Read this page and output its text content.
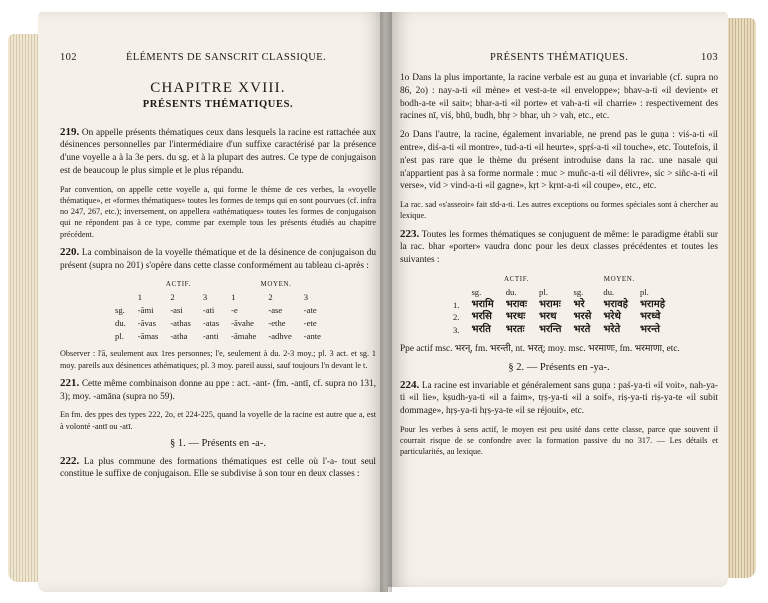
102	ÉLÉMENTS DE SANSCRIT CLASSIQUE.
CHAPITRE XVIII.
PRÉSENTS THÉMATIQUES.

219. On appelle présents thématiques ceux dans lesquels la racine est rattachée aux désinences personnelles par l'intermédiaire d'un suffixe caractérisé par la présence d'une voyelle a à la 3e pers. du sg. et à la plupart des autres. Ce type de conjugaison est de beaucoup le plus simple et le plus répandu.

Par convention, on appelle cette voyelle a, qui forme le thème de ces verbes, la «voyelle thématique», et «formes thématiques» toutes les formes de temps qui en sont pourvues (cf. infra no 247, 267, etc.); inversement, on appellera «athématiques» toutes les formes de conjugaison qui ne répondent pas à ce type, comme par exemple tous les présents étudiés au chapitre précédent.

220. La combinaison de la voyelle thématique et de la désinence de conjugaison du présent (supra no 201) s'opère dans cette classe conformément au tableau ci-après :

	ACTIF.			MOYEN.		
	1	2	3	1	2	3
sg.	-āmi	-asi	-ati	-e	-ase	-ate
du.	-āvas	-athas	-atas	-āvahe	-ethe	-ete
pl.	-āmas	-atha	-anti	-āmahe	-adhve	-ante

Observer : l'ā, seulement aux 1res personnes; l'e, seulement à du. 2-3 moy.; pl. 3 act. et sg. 1 moy. pareils aux désinences athématiques; pl. 3 moy. pareil aussi, sauf toujours l'n devant le t.

221. Cette même combinaison donne au ppe : act. -ant- (fm. -antī, cf. supra no 131, 3); moy. -amāna (supra no 59).

En fm. des ppes des types 222, 2o, et 224-225, quand la voyelle de la racine est autre que a, est à volonté -antī ou -atī.

§ 1. — Présents en -a-.

222. La plus commune des formations thématiques est celle où l'-a- tout seul constitue le suffixe de conjugaison. Elle se subdivise à son tour en deux classes :

PRÉSENTS THÉMATIQUES.	103

1o Dans la plus importante, la racine verbale est au guṇa et invariable (cf. supra no 86, 2o) : nay-a-ti «il mène» et vest-a-te «il enveloppe»; bhav-a-ti «il devient» et bodh-a-te «il sait»; bhar-a-ti «il porte» et vah-a-ti «il charrie» : respectivement des racines nī, viś, bhū, budh, bhṛ > bhar, uh > vah, etc., etc.

2o Dans l'autre, la racine, également invariable, ne prend pas le guṇa : viś-a-ti «il entre», diś-a-ti «il montre», tud-a-ti «il heurte», spṛś-a-ti «il touche», etc. Toutefois, il n'est pas rare que le thème du présent introduise dans la rac. une nasale qui n'appartient pas à sa forme normale : muc > muñc-a-ti «il délivre», sic > siñc-a-ti «il verse», vid > vind-a-ti «il gagne», kṛt > kṛnt-a-ti «il coupe», etc., etc.

La rac. sad «s'asseoir» fait sīd-a-ti. Les autres exceptions ou formes spéciales sont à chercher au lexique.

223. Toutes les formes thématiques se conjuguent de même: le paradigme établi sur la rac. bhar «porter» vaudra donc pour les deux classes précédentes et toutes les suivantes :

	ACTIF.			MOYEN.		
	sg.	du.	pl.	sg.	du.	pl.
1.	भरामि	भरावः	भरामः	भरे	भरावहे	भरामहे
2.	भरसि	भरथः	भरथ	भरसे	भरेथे	भरध्वे
3.	भरति	भरतः	भरन्ति	भरते	भरेते	भरन्ते

Ppe actif msc. भरन्, fm. भरन्ती, nt. भरत्; moy. msc. भरमाणः, fm. भरमाणा, etc.

§ 2. — Présents en -ya-.

224. La racine est invariable et généralement sans guṇa : paś-ya-ti «il voit», nah-ya-ti «il lie», kṣudh-ya-ti «il a faim», tṛṣ-ya-ti «il a soif», riṣ-ya-ti riṣ-ya-te «il subit dommage», hṛṣ-ya-ti hṛṣ-ya-te «il se réjouit», etc.

Pour les verbes à sens actif, le moyen est peu usité dans cette classe, parce que souvent il courrait risque de se confondre avec la formation passive du no 317. — Les détails et particularités, au lexique.
